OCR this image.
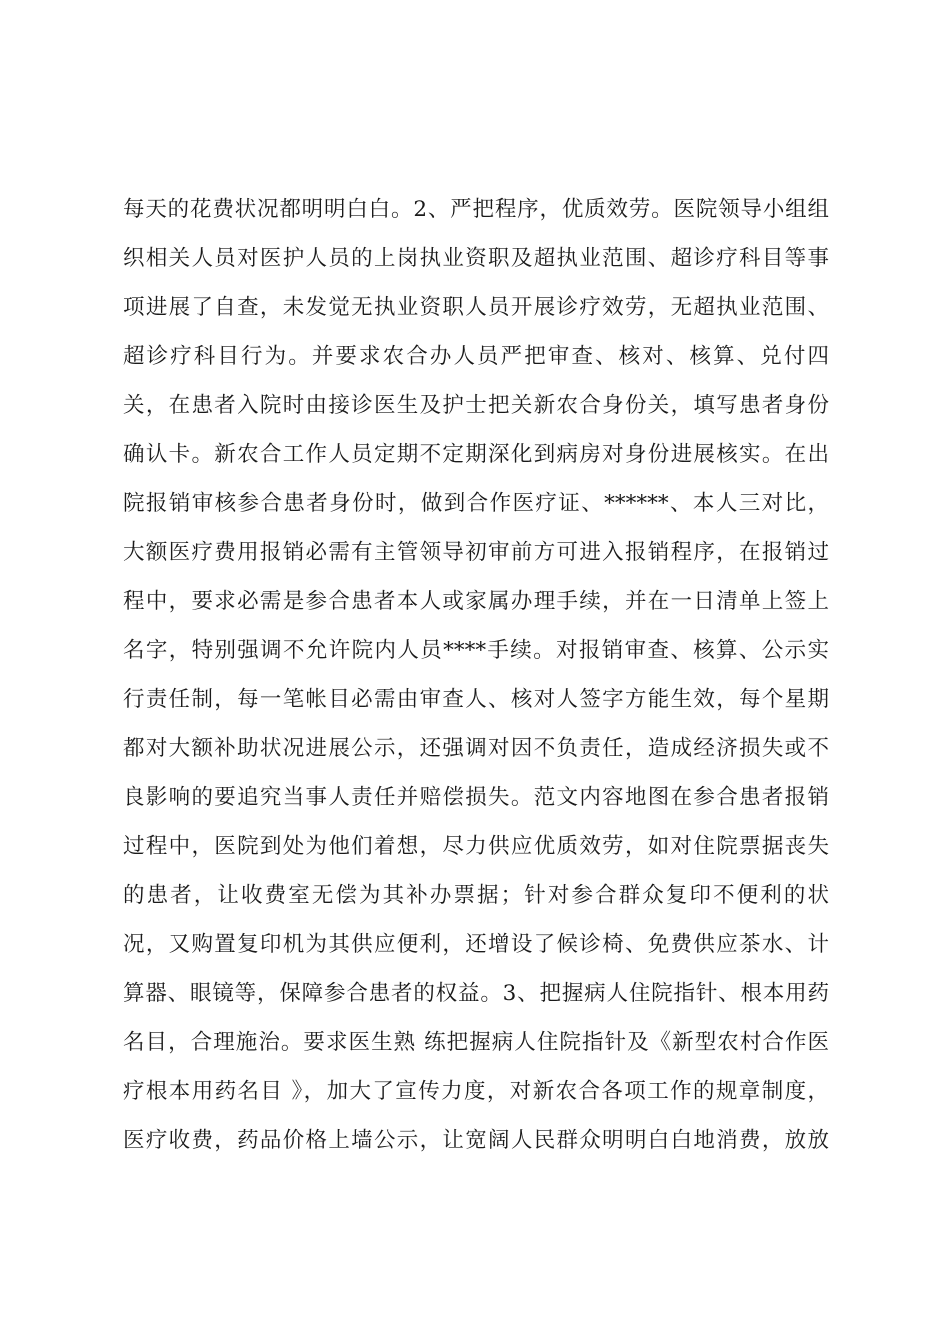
每天的花费状况都明明白白。2、严把程序，优质效劳。医院领导小组组
织相关人员对医护人员的上岗执业资职及超执业范围、超诊疗科目等事
项进展了自查，未发觉无执业资职人员开展诊疗效劳，无超执业范围、
超诊疗科目行为。并要求农合办人员严把审查、核对、核算、兑付四
关，在患者入院时由接诊医生及护士把关新农合身份关，填写患者身份
确认卡。新农合工作人员定期不定期深化到病房对身份进展核实。在出
院报销审核参合患者身份时，做到合作医疗证、******、本人三对比，
大额医疗费用报销必需有主管领导初审前方可进入报销程序，在报销过
程中，要求必需是参合患者本人或家属办理手续，并在一日清单上签上
名字，特别强调不允许院内人员****手续。对报销审查、核算、公示实
行责任制，每一笔帐目必需由审查人、核对人签字方能生效，每个星期
都对大额补助状况进展公示，还强调对因不负责任，造成经济损失或不
良影响的要追究当事人责任并赔偿损失。范文内容地图在参合患者报销
过程中，医院到处为他们着想，尽力供应优质效劳，如对住院票据丧失
的患者，让收费室无偿为其补办票据；针对参合群众复印不便利的状
况，又购置复印机为其供应便利，还增设了候诊椅、免费供应茶水、计
算器、眼镜等，保障参合患者的权益。3、把握病人住院指针、根本用药
名目，合理施治。要求医生熟 练把握病人住院指针及《新型农村合作医
疗根本用药名目 》，加大了宣传力度，对新农合各项工作的规章制度，
医疗收费，药品价格上墙公示，让宽阔人民群众明明白白地消费，放放
